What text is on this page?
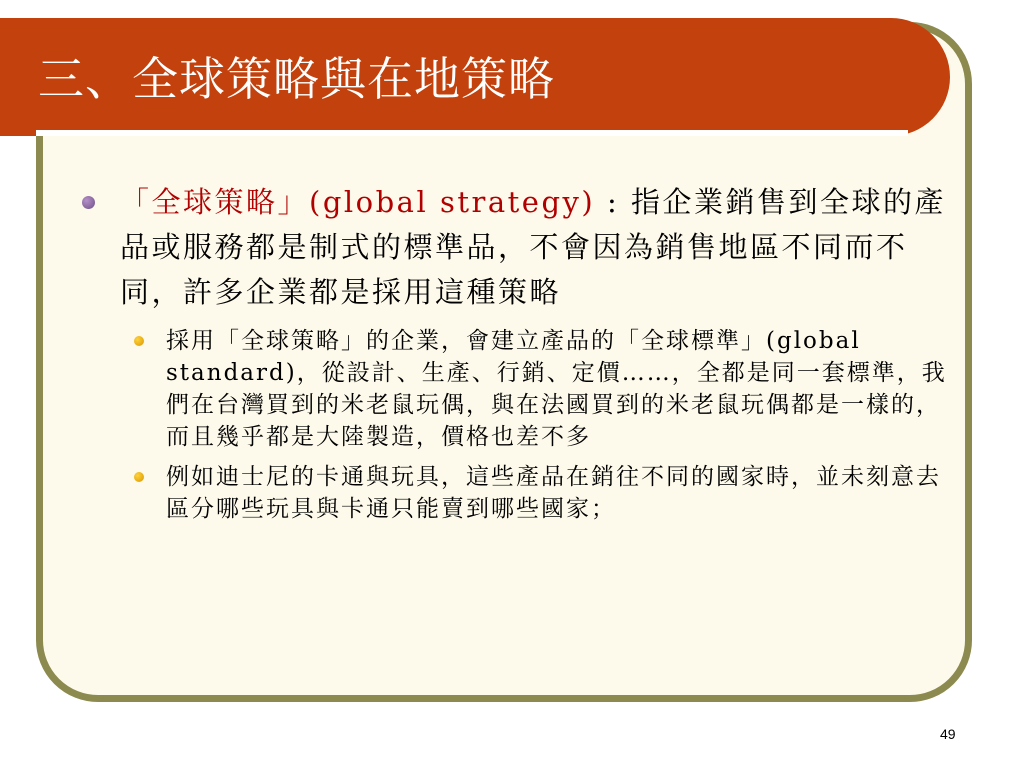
三、全球策略與在地策略
「全球策略」(global strategy) : 指企業銷售到全球的產品或服務都是制式的標準品，不會因為銷售地區不同而不同，許多企業都是採用這種策略
採用「全球策略」的企業，會建立產品的「全球標準」(global standard)，從設計、生產、行銷、定價……，全都是同一套標準，我們在台灣買到的米老鼠玩偶，與在法國買到的米老鼠玩偶都是一樣的，而且幾乎都是大陸製造，價格也差不多
例如迪士尼的卡通與玩具，這些產品在銷往不同的國家時，並未刻意去區分哪些玩具與卡通只能賣到哪些國家；
49
